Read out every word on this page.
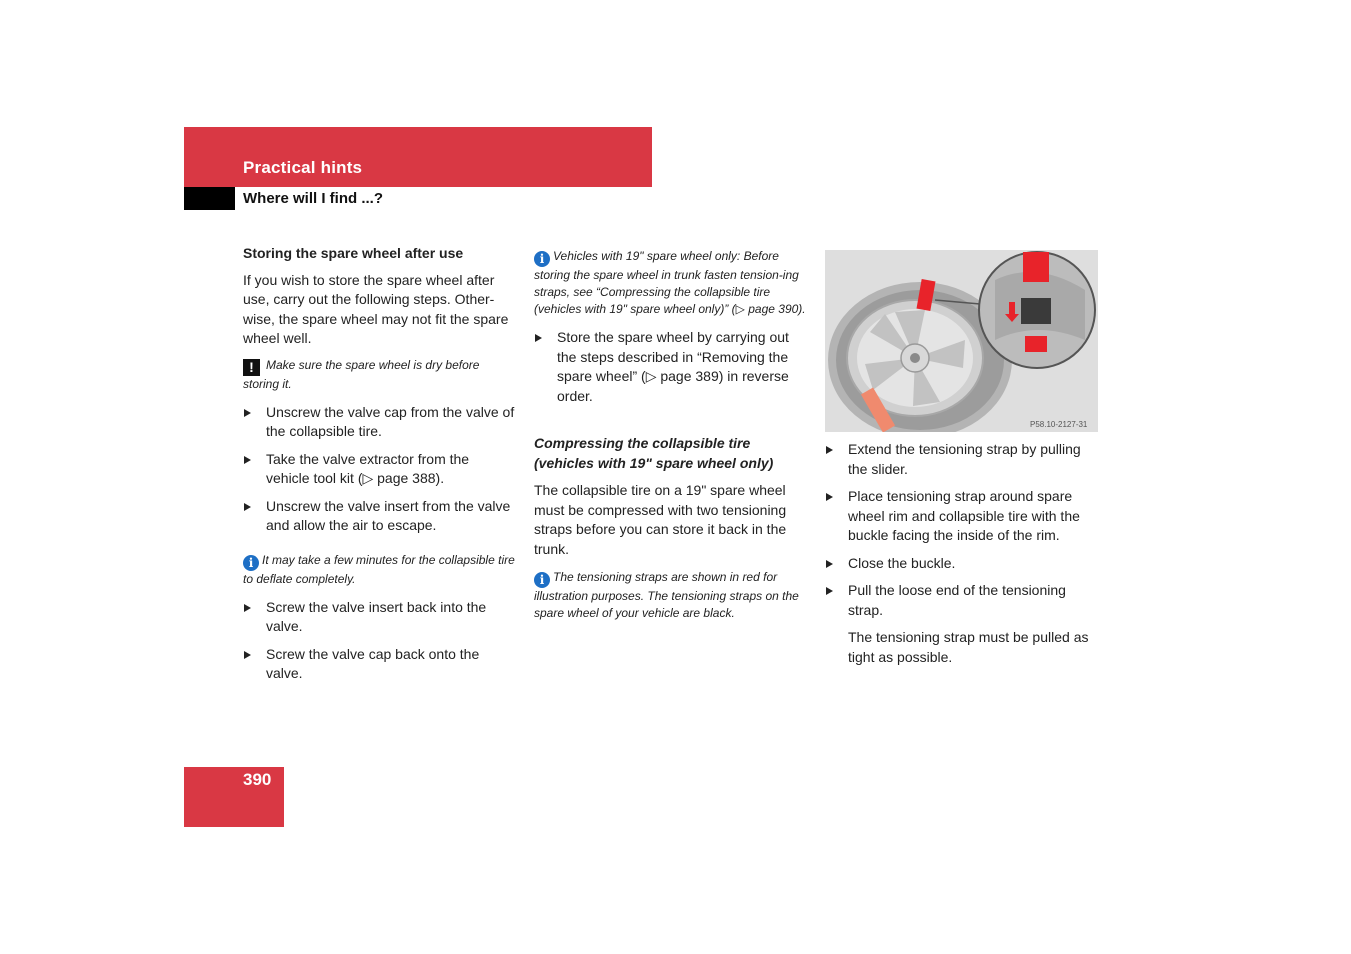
Practical hints
Where will I find ...?
Storing the spare wheel after use

If you wish to store the spare wheel after use, carry out the following steps. Other-wise, the spare wheel may not fit the spare wheel well.

! Make sure the spare wheel is dry before storing it.
Unscrew the valve cap from the valve of the collapsible tire.
Take the valve extractor from the vehicle tool kit (▷ page 388).
Unscrew the valve insert from the valve and allow the air to escape.
i It may take a few minutes for the collapsible tire to deflate completely.
Screw the valve insert back into the valve.
Screw the valve cap back onto the valve.
i Vehicles with 19" spare wheel only: Before storing the spare wheel in trunk fasten tension-ing straps, see “Compressing the collapsible tire (vehicles with 19" spare wheel only)” (▷ page 390).
Store the spare wheel by carrying out the steps described in “Removing the spare wheel” (▷ page 389) in reverse order.
Compressing the collapsible tire (vehicles with 19" spare wheel only)

The collapsible tire on a 19" spare wheel must be compressed with two tensioning straps before you can store it back in the trunk.

i The tensioning straps are shown in red for illustration purposes. The tensioning straps on the spare wheel of your vehicle are black.
P58.10-2127-31
Extend the tensioning strap by pulling the slider.
Place tensioning strap around spare wheel rim and collapsible tire with the buckle facing the inside of the rim.
Close the buckle.
Pull the loose end of the tensioning strap.

The tensioning strap must be pulled as tight as possible.

390
